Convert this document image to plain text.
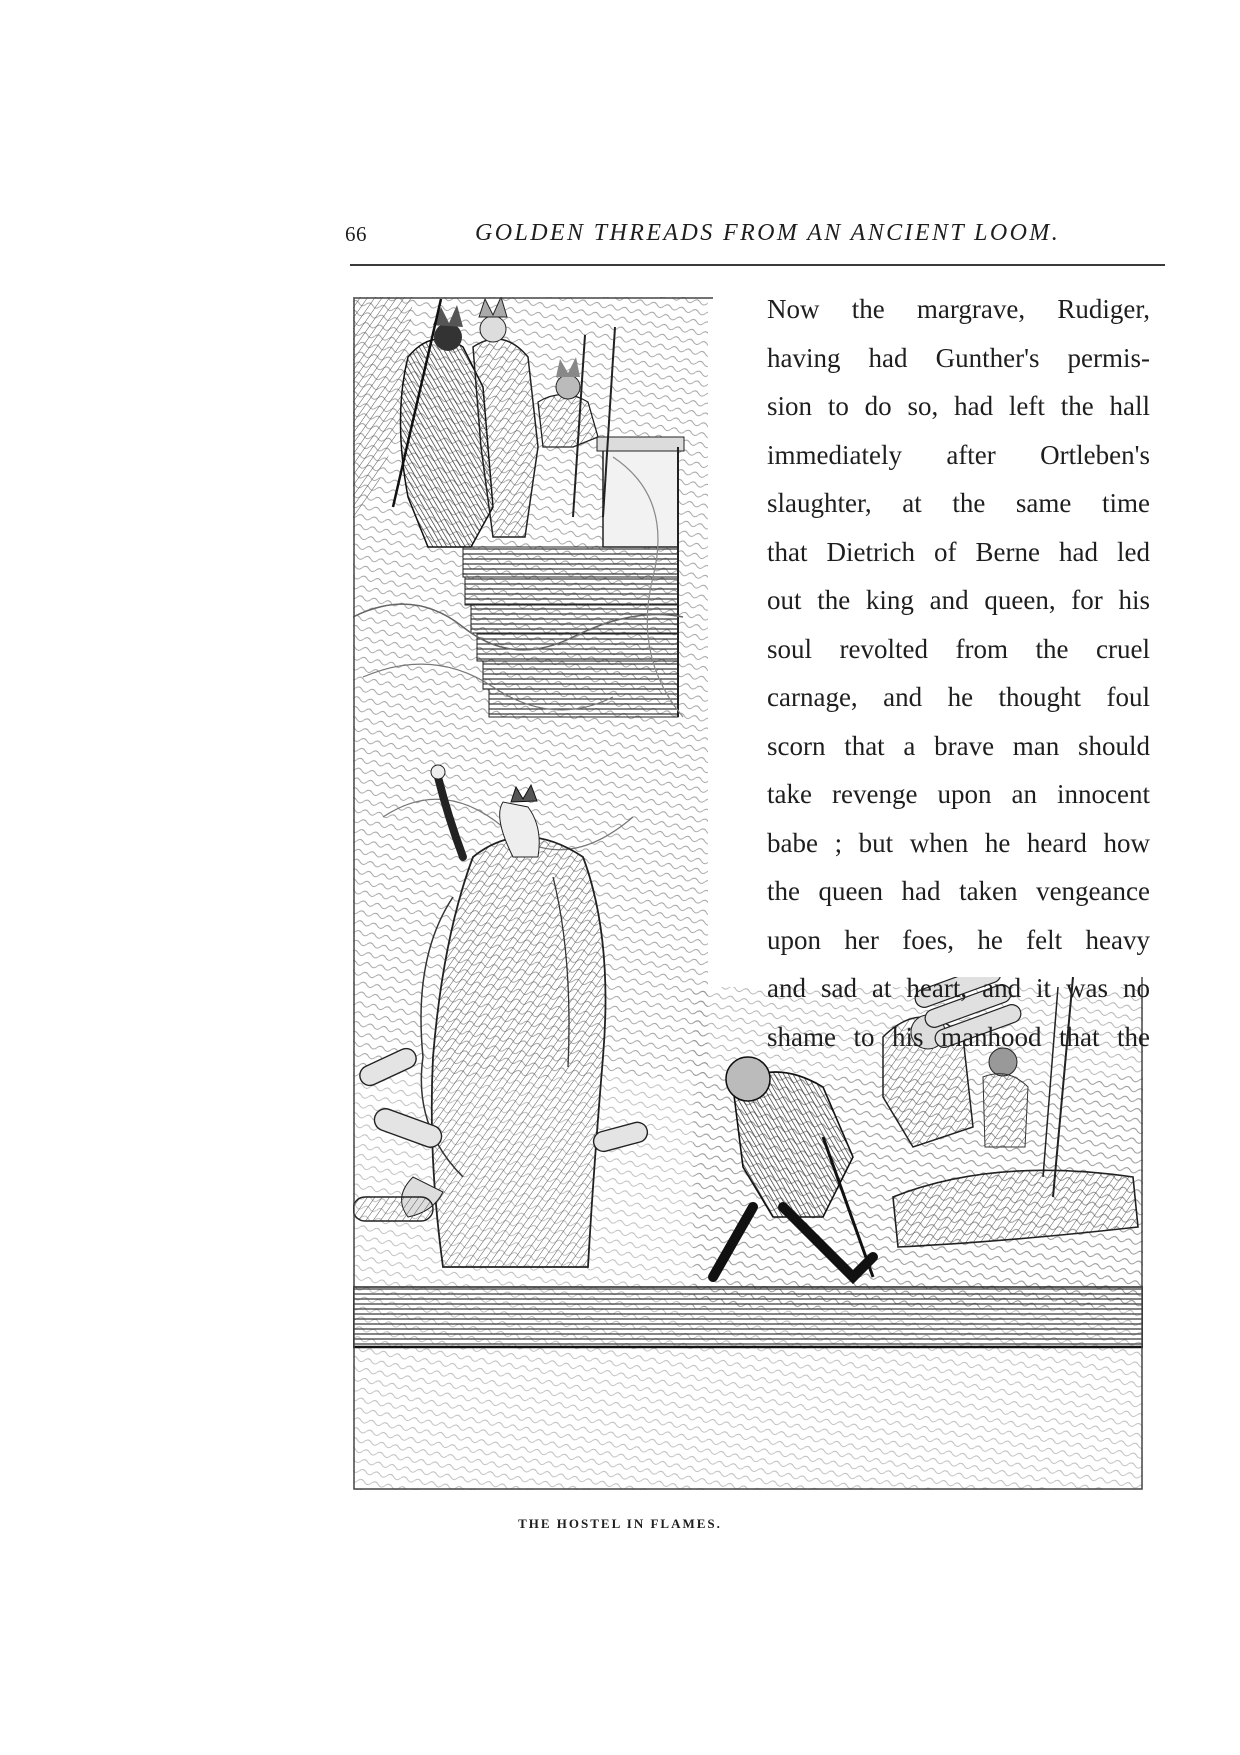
66	GOLDEN THREADS FROM AN ANCIENT LOOM.
Now the margrave, Rudiger,
having had Gunther's permis-
sion to do so, had left the hall
immediately after Ortleben's
slaughter, at the same time
that Dietrich of Berne had led
out the king and queen, for his
soul revolted from the cruel
carnage, and he thought foul
scorn that a brave man should
take revenge upon an innocent
babe ; but when he heard how
the queen had taken vengeance
upon her foes, he felt heavy
and sad at heart, and it was no
shame to his manhood that the
THE HOSTEL IN FLAMES.
